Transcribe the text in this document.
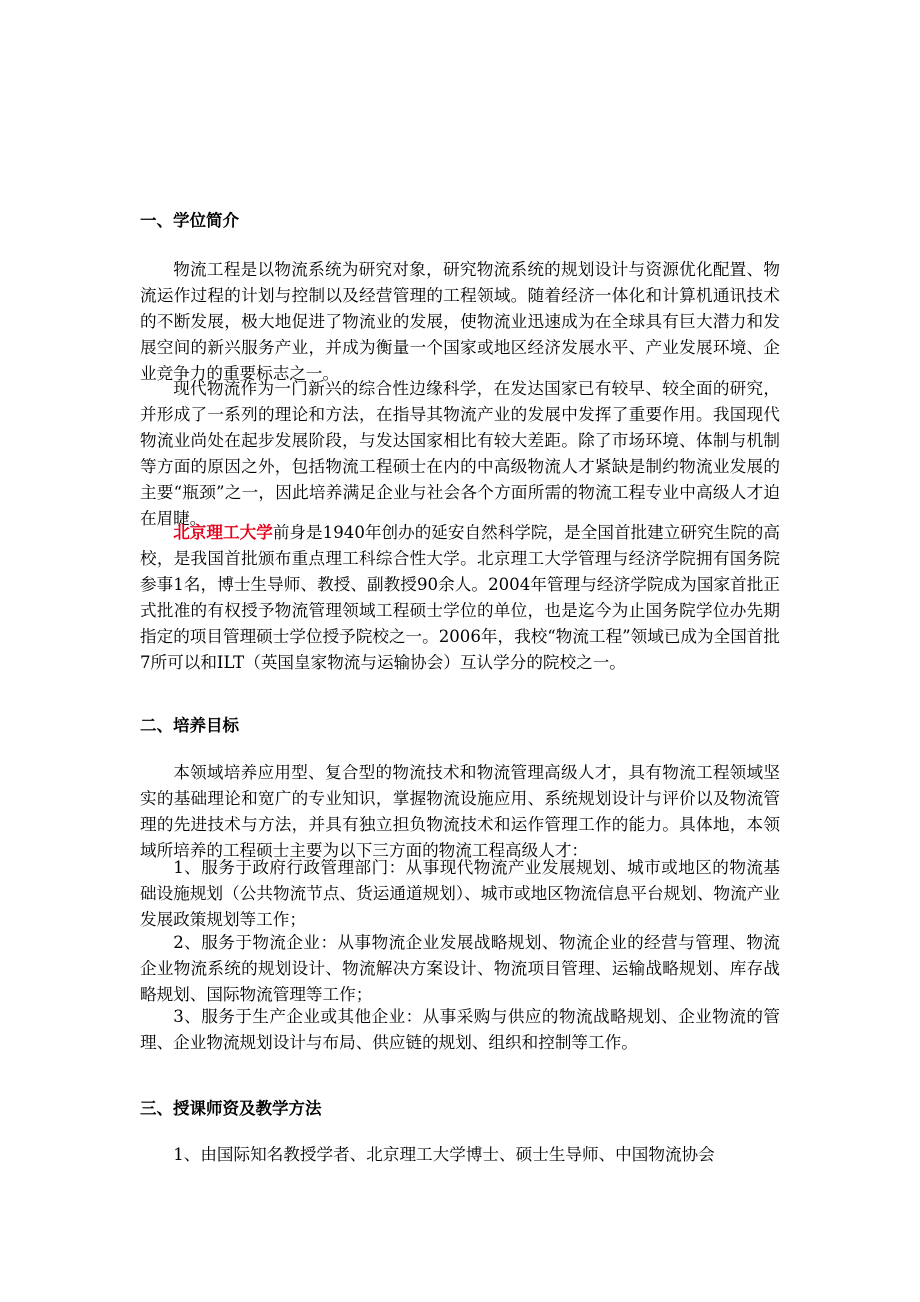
一、学位简介
物流工程是以物流系统为研究对象，研究物流系统的规划设计与资源优化配置、物流运作过程的计划与控制以及经营管理的工程领域。随着经济一体化和计算机通讯技术的不断发展，极大地促进了物流业的发展，使物流业迅速成为在全球具有巨大潜力和发展空间的新兴服务产业，并成为衡量一个国家或地区经济发展水平、产业发展环境、企业竞争力的重要标志之一。
现代物流作为一门新兴的综合性边缘科学，在发达国家已有较早、较全面的研究，并形成了一系列的理论和方法，在指导其物流产业的发展中发挥了重要作用。我国现代物流业尚处在起步发展阶段，与发达国家相比有较大差距。除了市场环境、体制与机制等方面的原因之外，包括物流工程硕士在内的中高级物流人才紧缺是制约物流业发展的主要“瓶颈”之一，因此培养满足企业与社会各个方面所需的物流工程专业中高级人才迫在眉睫。
北京理工大学前身是1940年创办的延安自然科学院，是全国首批建立研究生院的高校，是我国首批颁布重点理工科综合性大学。北京理工大学管理与经济学院拥有国务院参事1名，博士生导师、教授、副教授90余人。2004年管理与经济学院成为国家首批正式批准的有权授予物流管理领域工程硕士学位的单位，也是迄今为止国务院学位办先期指定的项目管理硕士学位授予院校之一。2006年，我校“物流工程”领域已成为全国首批7所可以和ILT（英国皇家物流与运输协会）互认学分的院校之一。
二、培养目标
本领域培养应用型、复合型的物流技术和物流管理高级人才，具有物流工程领域坚实的基础理论和宽广的专业知识，掌握物流设施应用、系统规划设计与评价以及物流管理的先进技术与方法，并具有独立担负物流技术和运作管理工作的能力。具体地，本领域所培养的工程硕士主要为以下三方面的物流工程高级人才：
1、服务于政府行政管理部门：从事现代物流产业发展规划、城市或地区的物流基础设施规划（公共物流节点、货运通道规划）、城市或地区物流信息平台规划、物流产业发展政策规划等工作；
2、服务于物流企业：从事物流企业发展战略规划、物流企业的经营与管理、物流企业物流系统的规划设计、物流解决方案设计、物流项目管理、运输战略规划、库存战略规划、国际物流管理等工作；
3、服务于生产企业或其他企业：从事采购与供应的物流战略规划、企业物流的管理、企业物流规划设计与布局、供应链的规划、组织和控制等工作。
三、授课师资及教学方法
1、由国际知名教授学者、北京理工大学博士、硕士生导师、中国物流协会
